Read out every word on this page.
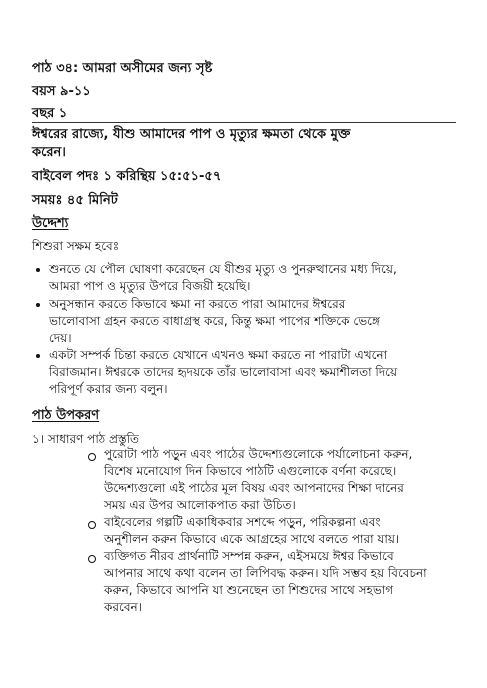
পাঠ ৩৪: আমরা অসীমের জন্য সৃষ্ট
বয়স ৯-১১
বছর ১
ঈশ্বরের রাজ্যে, যীশু আমাদের পাপ ও মৃত্যুর ক্ষমতা থেকে মুক্ত
করেন।
বাইবেল পদঃ ১ করিন্থিয় ১৫:৫১-৫৭
সময়ঃ ৪৫ মিনিট
উদ্দেশ্য
শিশুরা সক্ষম হবেঃ
শুনতে যে পৌল ঘোষণা করেছেন যে যীশুর মৃত্যু ও পুনরুত্থানের মধ্য দিয়ে,
আমরা পাপ ও মৃত্যুর উপরে বিজয়ী হয়েছি।
অনুসন্ধান করতে কিভাবে ক্ষমা না করতে পারা আমাদের ঈশ্বরের
ভালোবাসা গ্রহন করতে বাধাগ্রস্থ করে, কিন্তু ক্ষমা পাপের শক্তিকে ভেঙ্গে
দেয়।
একটা সম্পর্ক চিন্তা করতে যেখানে এখনও ক্ষমা করতে না পারাটা এখনো
বিরাজমান। ঈশ্বরকে তাদের হৃদয়কে তাঁর ভালোবাসা এবং ক্ষমাশীলতা দিয়ে
পরিপূর্ণ করার জন্য বলুন।
পাঠ উপকরণ
১। সাধারণ পাঠ প্রস্তুতি
পুরোটা পাঠ পড়ুন এবং পাঠের উদ্দেশ্যগুলোকে পর্যালোচনা করুন,
বিশেষ মনোযোগ দিন কিভাবে পাঠটি এগুলোকে বর্ণনা করেছে।
উদ্দেশ্যগুলো এই পাঠের মূল বিষয় এবং আপনাদের শিক্ষা দানের
সময় এর উপর আলোকপাত করা উচিত।
বাইবেলের গল্পটি একাধিকবার সশব্দে পড়ুন, পরিকল্পনা এবং
অনুশীলন করুন কিভাবে একে আগ্রহের সাথে বলতে পারা যায়।
ব্যক্তিগত নীরব প্রার্থনাটি সম্পন্ন করুন, এইসময়ে ঈশ্বর কিভাবে
আপনার সাথে কথা বলেন তা লিপিবদ্ধ করুন। যদি সম্ভব হয় বিবেচনা
করুন, কিভাবে আপনি যা শুনেছেন তা শিশুদের সাথে সহভাগ
করবেন।
